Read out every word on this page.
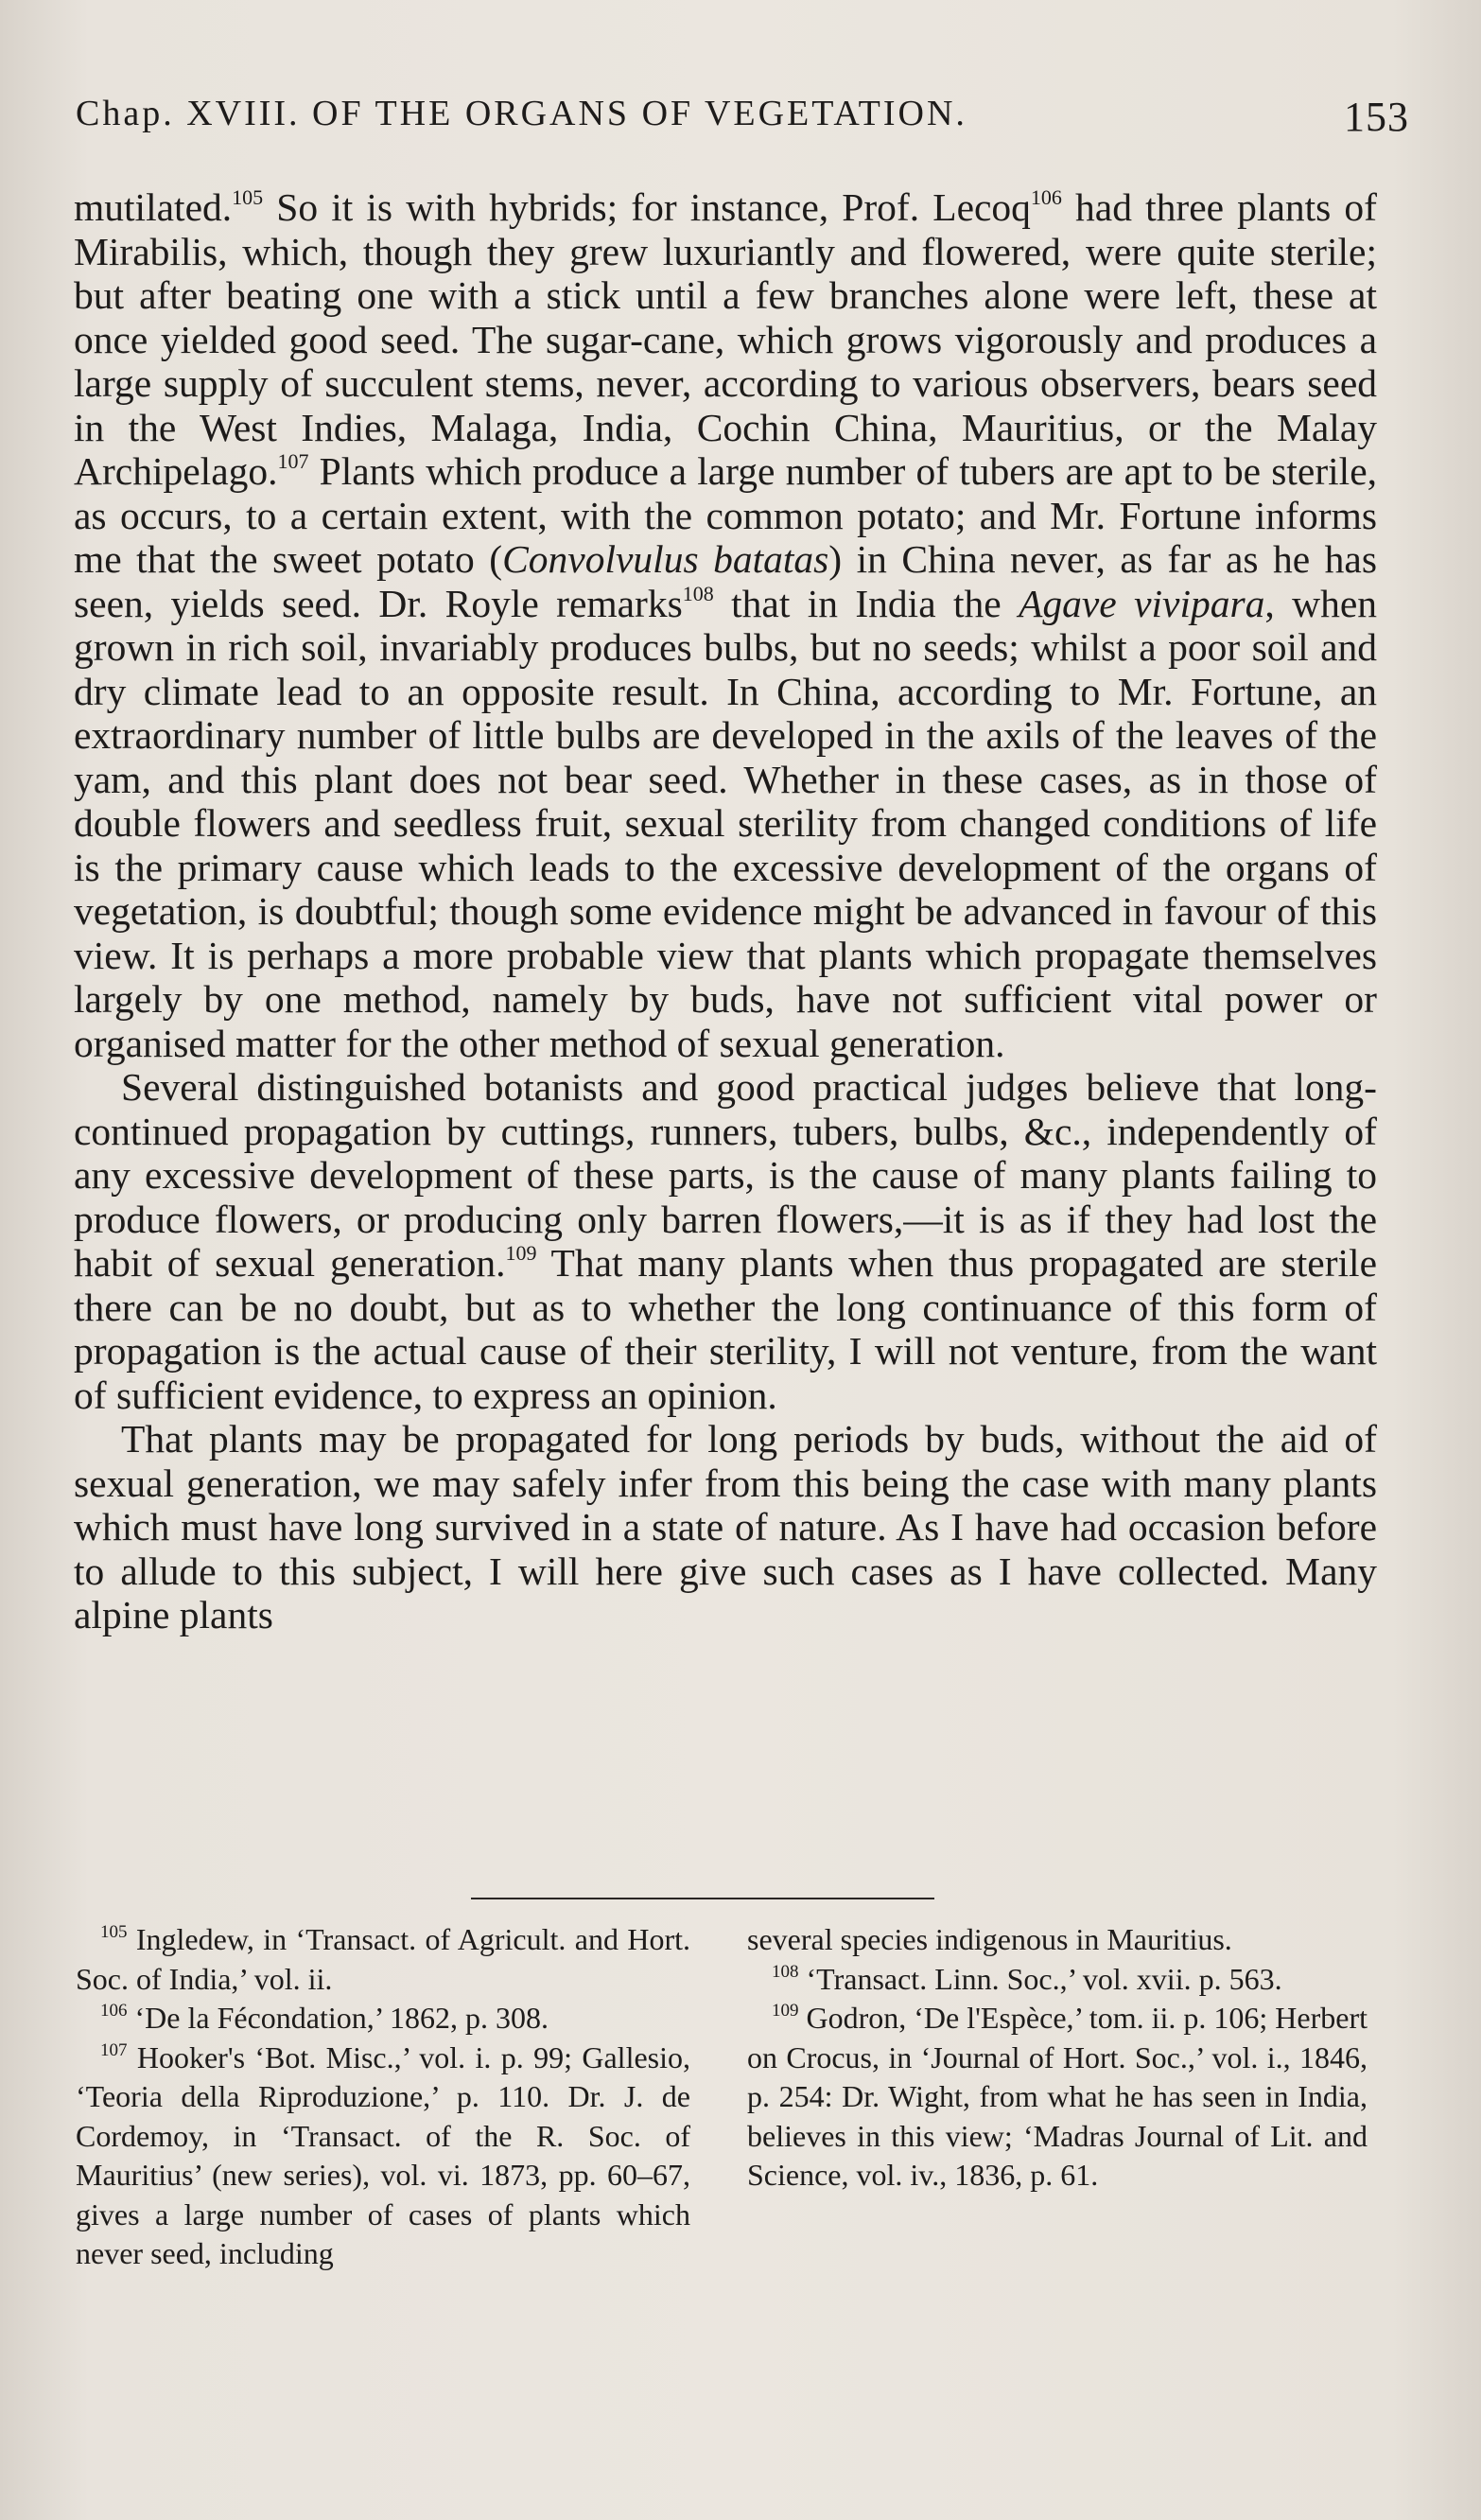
Chap. XVIII. OF THE ORGANS OF VEGETATION.	153

mutilated.$^{105}$ So it is with hybrids; for instance, Prof. Lecoq$^{106}$ had three plants of Mirabilis, which, though they grew luxuriantly and flowered, were quite sterile; but after beating one with a stick until a few branches alone were left, these at once yielded good seed. The sugar-cane, which grows vigorously and produces a large supply of succulent stems, never, according to various observers, bears seed in the West Indies, Malaga, India, Cochin China, Mauritius, or the Malay Archipelago.$^{107}$ Plants which produce a large number of tubers are apt to be sterile, as occurs, to a certain extent, with the common potato; and Mr. Fortune informs me that the sweet potato (Convolvulus batatas) in China never, as far as he has seen, yields seed. Dr. Royle remarks$^{108}$ that in India the Agave vivipara, when grown in rich soil, invariably produces bulbs, but no seeds; whilst a poor soil and dry climate lead to an opposite result. In China, according to Mr. Fortune, an extraordinary number of little bulbs are developed in the axils of the leaves of the yam, and this plant does not bear seed. Whether in these cases, as in those of double flowers and seedless fruit, sexual sterility from changed conditions of life is the primary cause which leads to the excessive development of the organs of vegetation, is doubtful; though some evidence might be advanced in favour of this view. It is perhaps a more probable view that plants which propagate themselves largely by one method, namely by buds, have not sufficient vital power or organised matter for the other method of sexual generation.

Several distinguished botanists and good practical judges believe that long-continued propagation by cuttings, runners, tubers, bulbs, &c., independently of any excessive development of these parts, is the cause of many plants failing to produce flowers, or producing only barren flowers,—it is as if they had lost the habit of sexual generation.$^{109}$ That many plants when thus propagated are sterile there can be no doubt, but as to whether the long continuance of this form of propagation is the actual cause of their sterility, I will not venture, from the want of sufficient evidence, to express an opinion.

That plants may be propagated for long periods by buds, without the aid of sexual generation, we may safely infer from this being the case with many plants which must have long survived in a state of nature. As I have had occasion before to allude to this subject, I will here give such cases as I have collected. Many alpine plants

$^{105}$ Ingledew, in ‘Transact. of Agricult. and Hort. Soc. of India,’ vol. ii.

$^{106}$ ‘De la Fécondation,’ 1862, p. 308.

$^{107}$ Hooker's ‘Bot. Misc.,’ vol. i. p. 99; Gallesio, ‘Teoria della Riproduzione,’ p. 110. Dr. J. de Cordemoy, in ‘Transact. of the R. Soc. of Mauritius’ (new series), vol. vi. 1873, pp. 60–67, gives a large number of cases of plants which never seed, including

several species indigenous in Mauritius.

$^{108}$ ‘Transact. Linn. Soc.,’ vol. xvii. p. 563.

$^{109}$ Godron, ‘De l'Espèce,’ tom. ii. p. 106; Herbert on Crocus, in ‘Journal of Hort. Soc.,’ vol. i., 1846, p. 254: Dr. Wight, from what he has seen in India, believes in this view; ‘Madras Journal of Lit. and Science, vol. iv., 1836, p. 61.
